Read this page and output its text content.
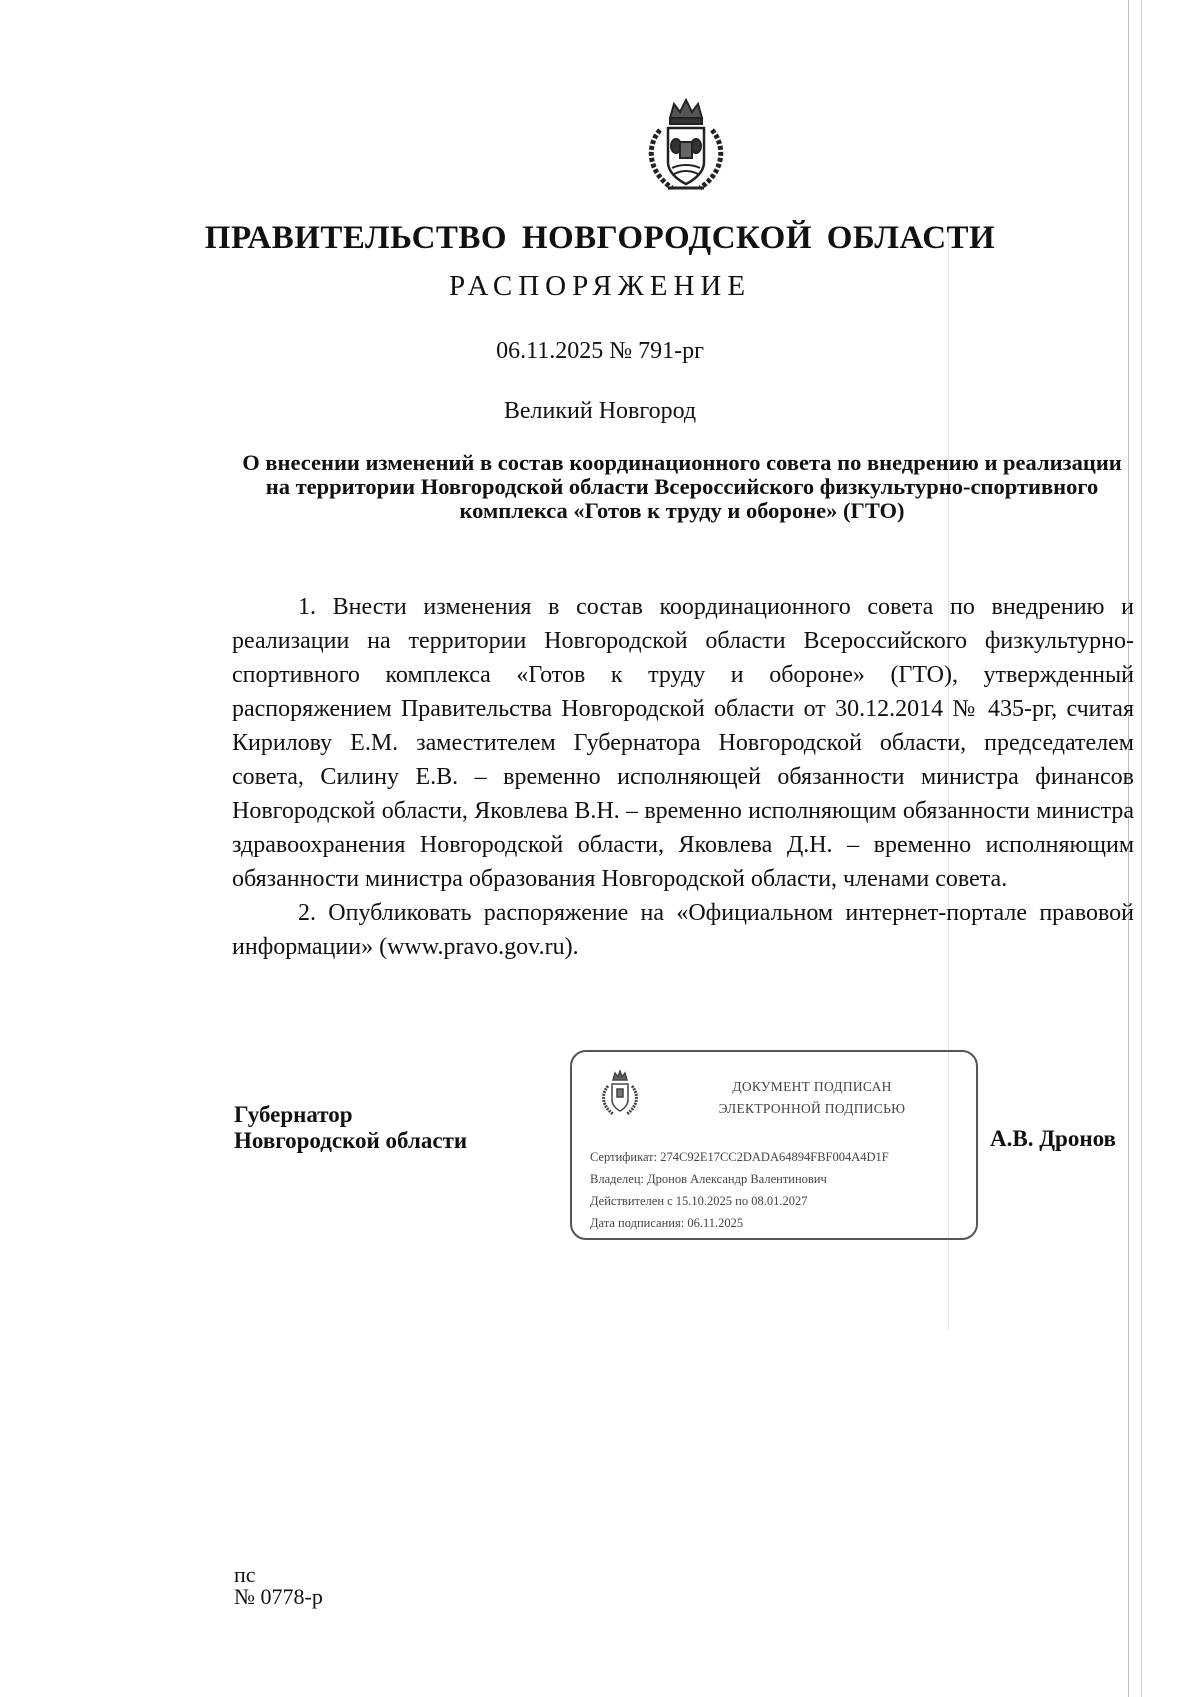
ПРАВИТЕЛЬСТВО НОВГОРОДСКОЙ ОБЛАСТИ
РАСПОРЯЖЕНИЕ
06.11.2025 № 791-рг
Великий Новгород
О внесении изменений в состав координационного совета по внедрению и реализации на территории Новгородской области Всероссийского физкультурно-спортивного комплекса «Готов к труду и обороне» (ГТО)

1. Внести изменения в состав координационного совета по внедрению и реализации на территории Новгородской области Всероссийского физкультурно-спортивного комплекса «Готов к труду и обороне» (ГТО), утвержденный распоряжением Правительства Новгородской области от 30.12.2014 № 435-рг, считая Кирилову Е.М. заместителем Губернатора Новгородской области, председателем совета, Силину Е.В. – временно исполняющей обязанности министра финансов Новгородской области, Яковлева В.Н. – временно исполняющим обязанности министра здравоохранения Новгородской области, Яковлева Д.Н. – временно исполняющим обязанности министра образования Новгородской области, членами совета.

2. Опубликовать распоряжение на «Официальном интернет-портале правовой информации» (www.pravo.gov.ru).

Губернатор
Новгородской области
ДОКУМЕНТ ПОДПИСАН
ЭЛЕКТРОННОЙ ПОДПИСЬЮ
Сертификат: 274C92E17CC2DADA64894FBF004A4D1F
Владелец: Дронов Александр Валентинович
Действителен с 15.10.2025 по 08.01.2027
Дата подписания: 06.11.2025
А.В. Дронов
пс
№ 0778-р
